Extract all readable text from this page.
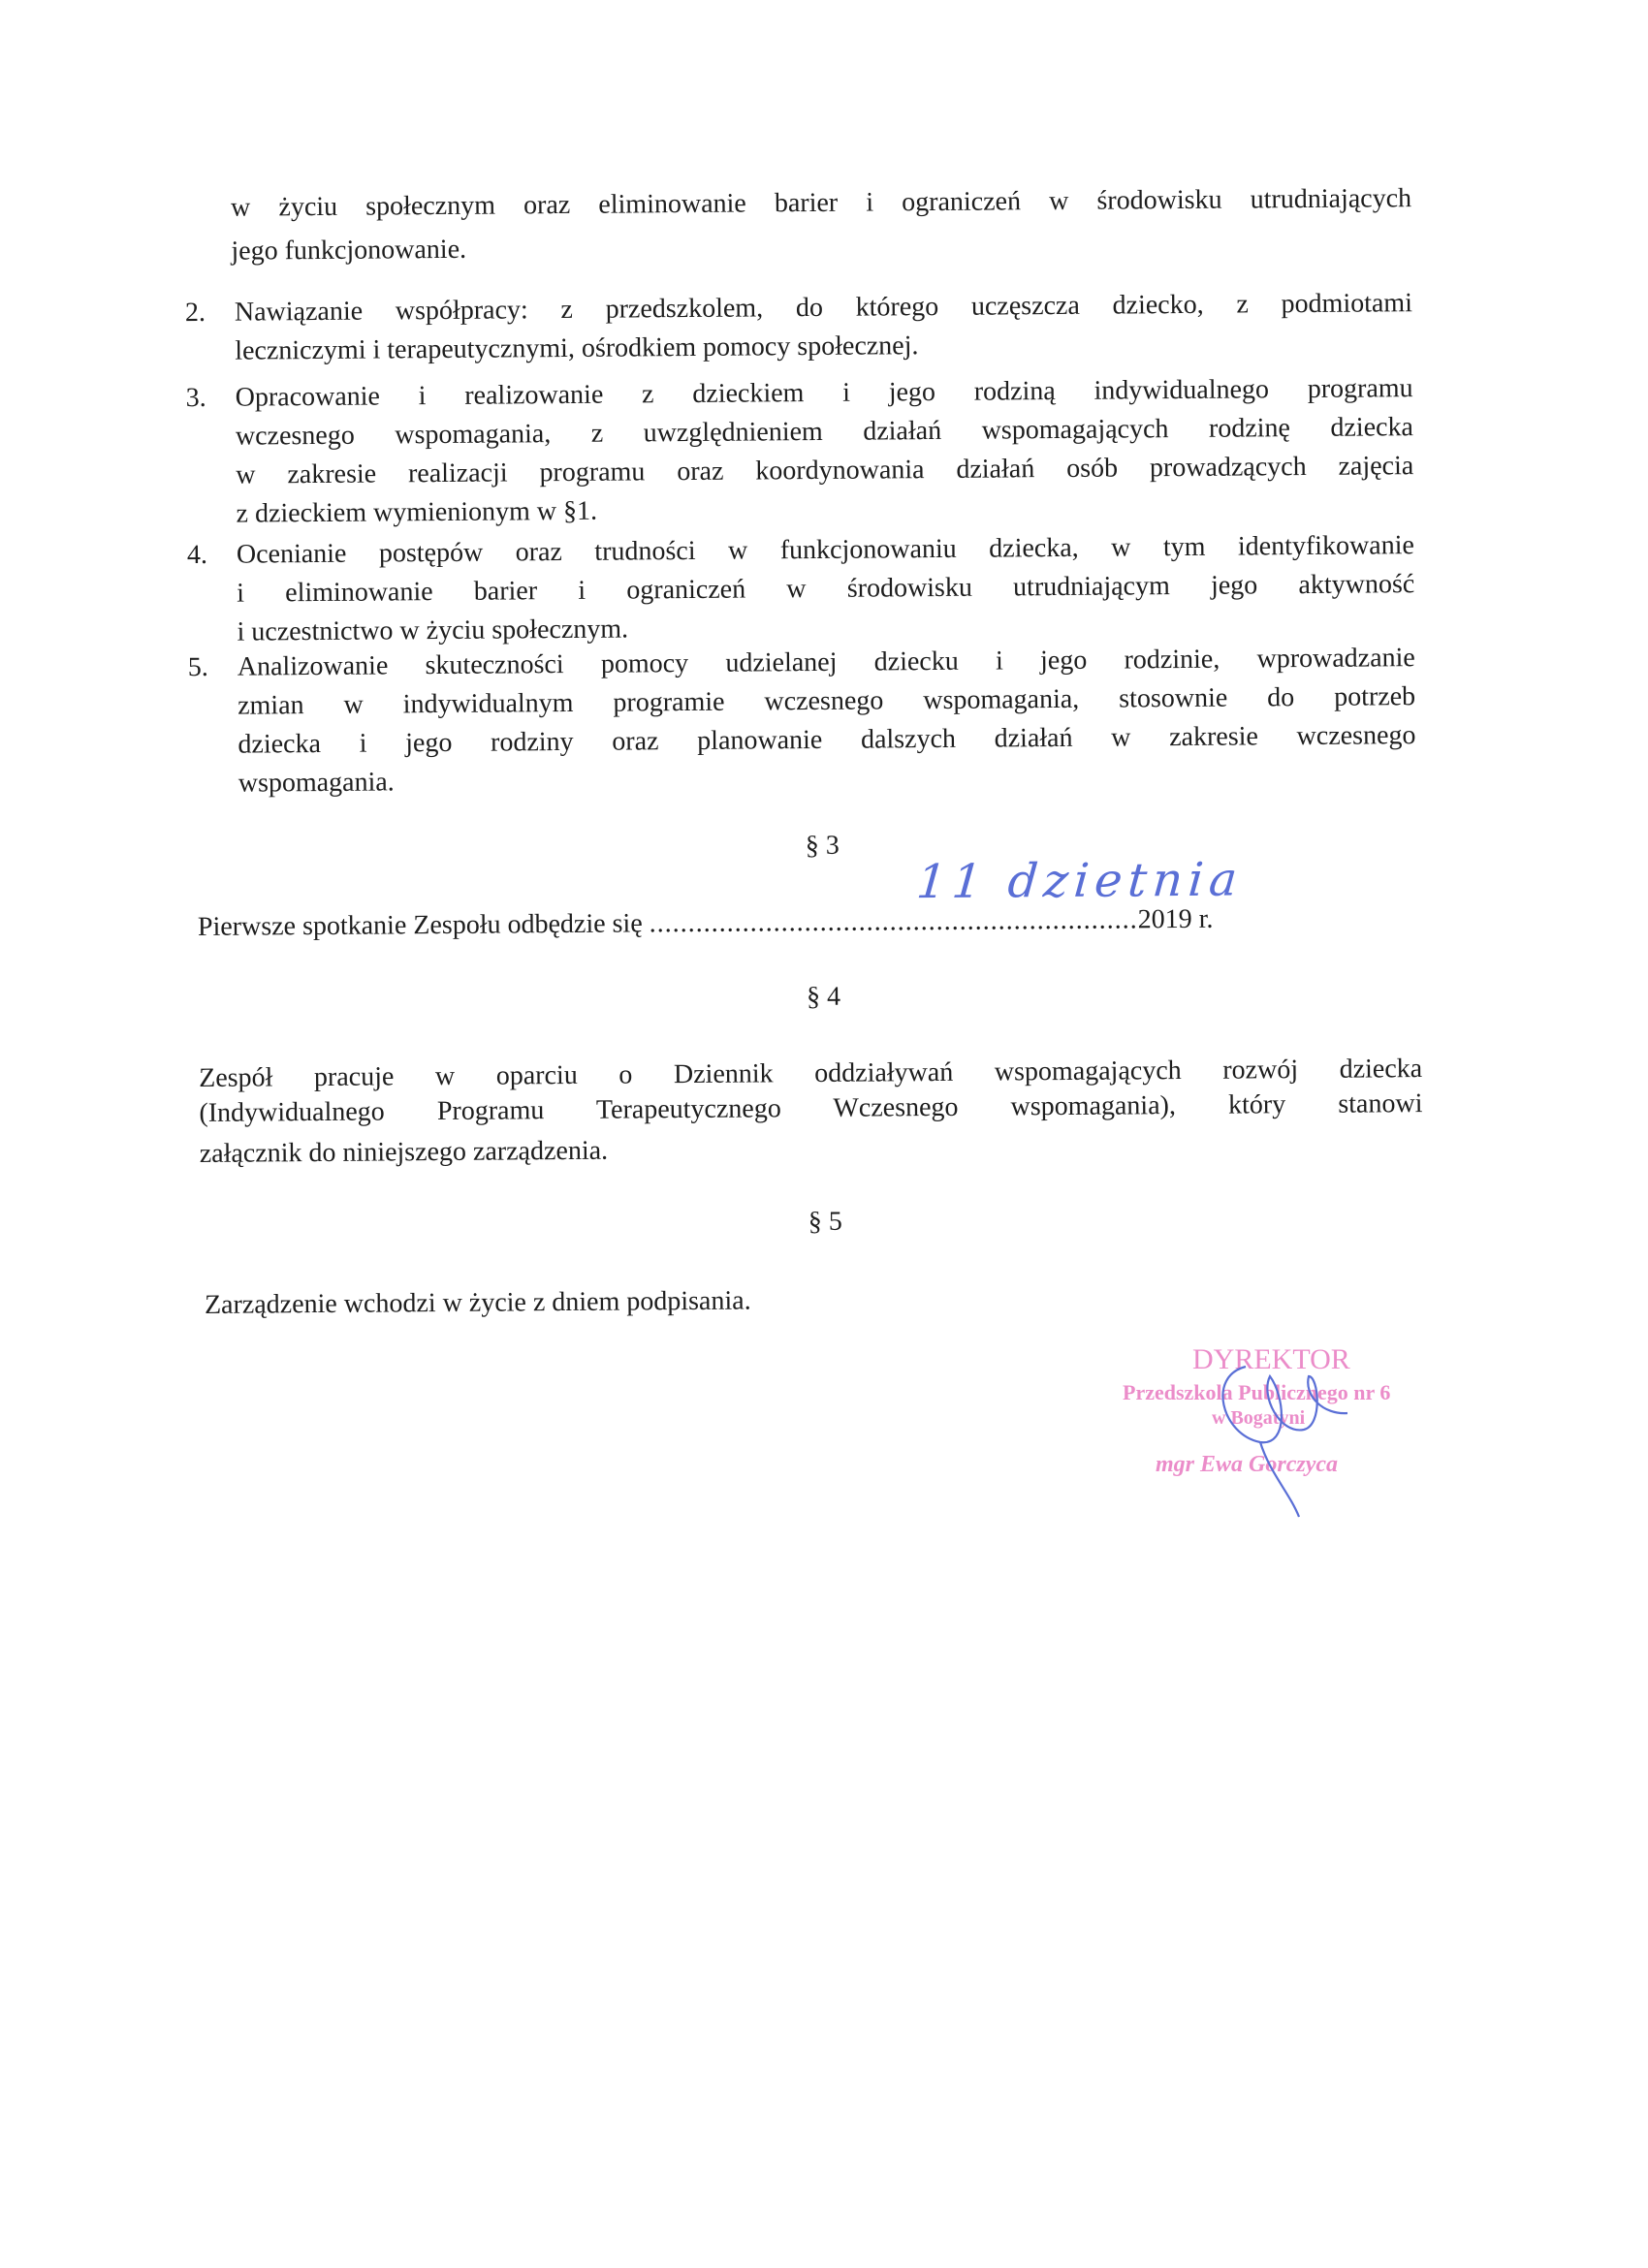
w życiu społecznym oraz eliminowanie barier i ograniczeń w środowisku utrudniających
jego funkcjonowanie.
2. Nawiązanie współpracy: z przedszkolem, do którego uczęszcza dziecko, z podmiotami
leczniczymi i terapeutycznymi, ośrodkiem pomocy społecznej.
3. Opracowanie i realizowanie z dzieckiem i jego rodziną indywidualnego programu
wczesnego wspomagania, z uwzględnieniem działań wspomagających rodzinę dziecka
w zakresie realizacji programu oraz koordynowania działań osób prowadzących zajęcia
z dzieckiem wymienionym w §1.
4. Ocenianie postępów oraz trudności w funkcjonowaniu dziecka, w tym identyfikowanie
i eliminowanie barier i ograniczeń w środowisku utrudniającym jego aktywność
i uczestnictwo w życiu społecznym.
5. Analizowanie skuteczności pomocy udzielanej dziecku i jego rodzinie, wprowadzanie
zmian w indywidualnym programie wczesnego wspomagania, stosownie do potrzeb
dziecka i jego rodziny oraz planowanie dalszych działań w zakresie wczesnego
wspomagania.
§ 3
Pierwsze spotkanie Zespołu odbędzie się ...............................................................2019 r.
11 dzietnia
§ 4
Zespół pracuje w oparciu o Dziennik oddziaływań wspomagających rozwój dziecka
(Indywidualnego Programu Terapeutycznego Wczesnego wspomagania), który stanowi
załącznik do niniejszego zarządzenia.
§ 5
Zarządzenie wchodzi w życie z dniem podpisania.
DYREKTOR
Przedszkola Publicznego nr 6
w Bogatyni
mgr Ewa Gorczyca
